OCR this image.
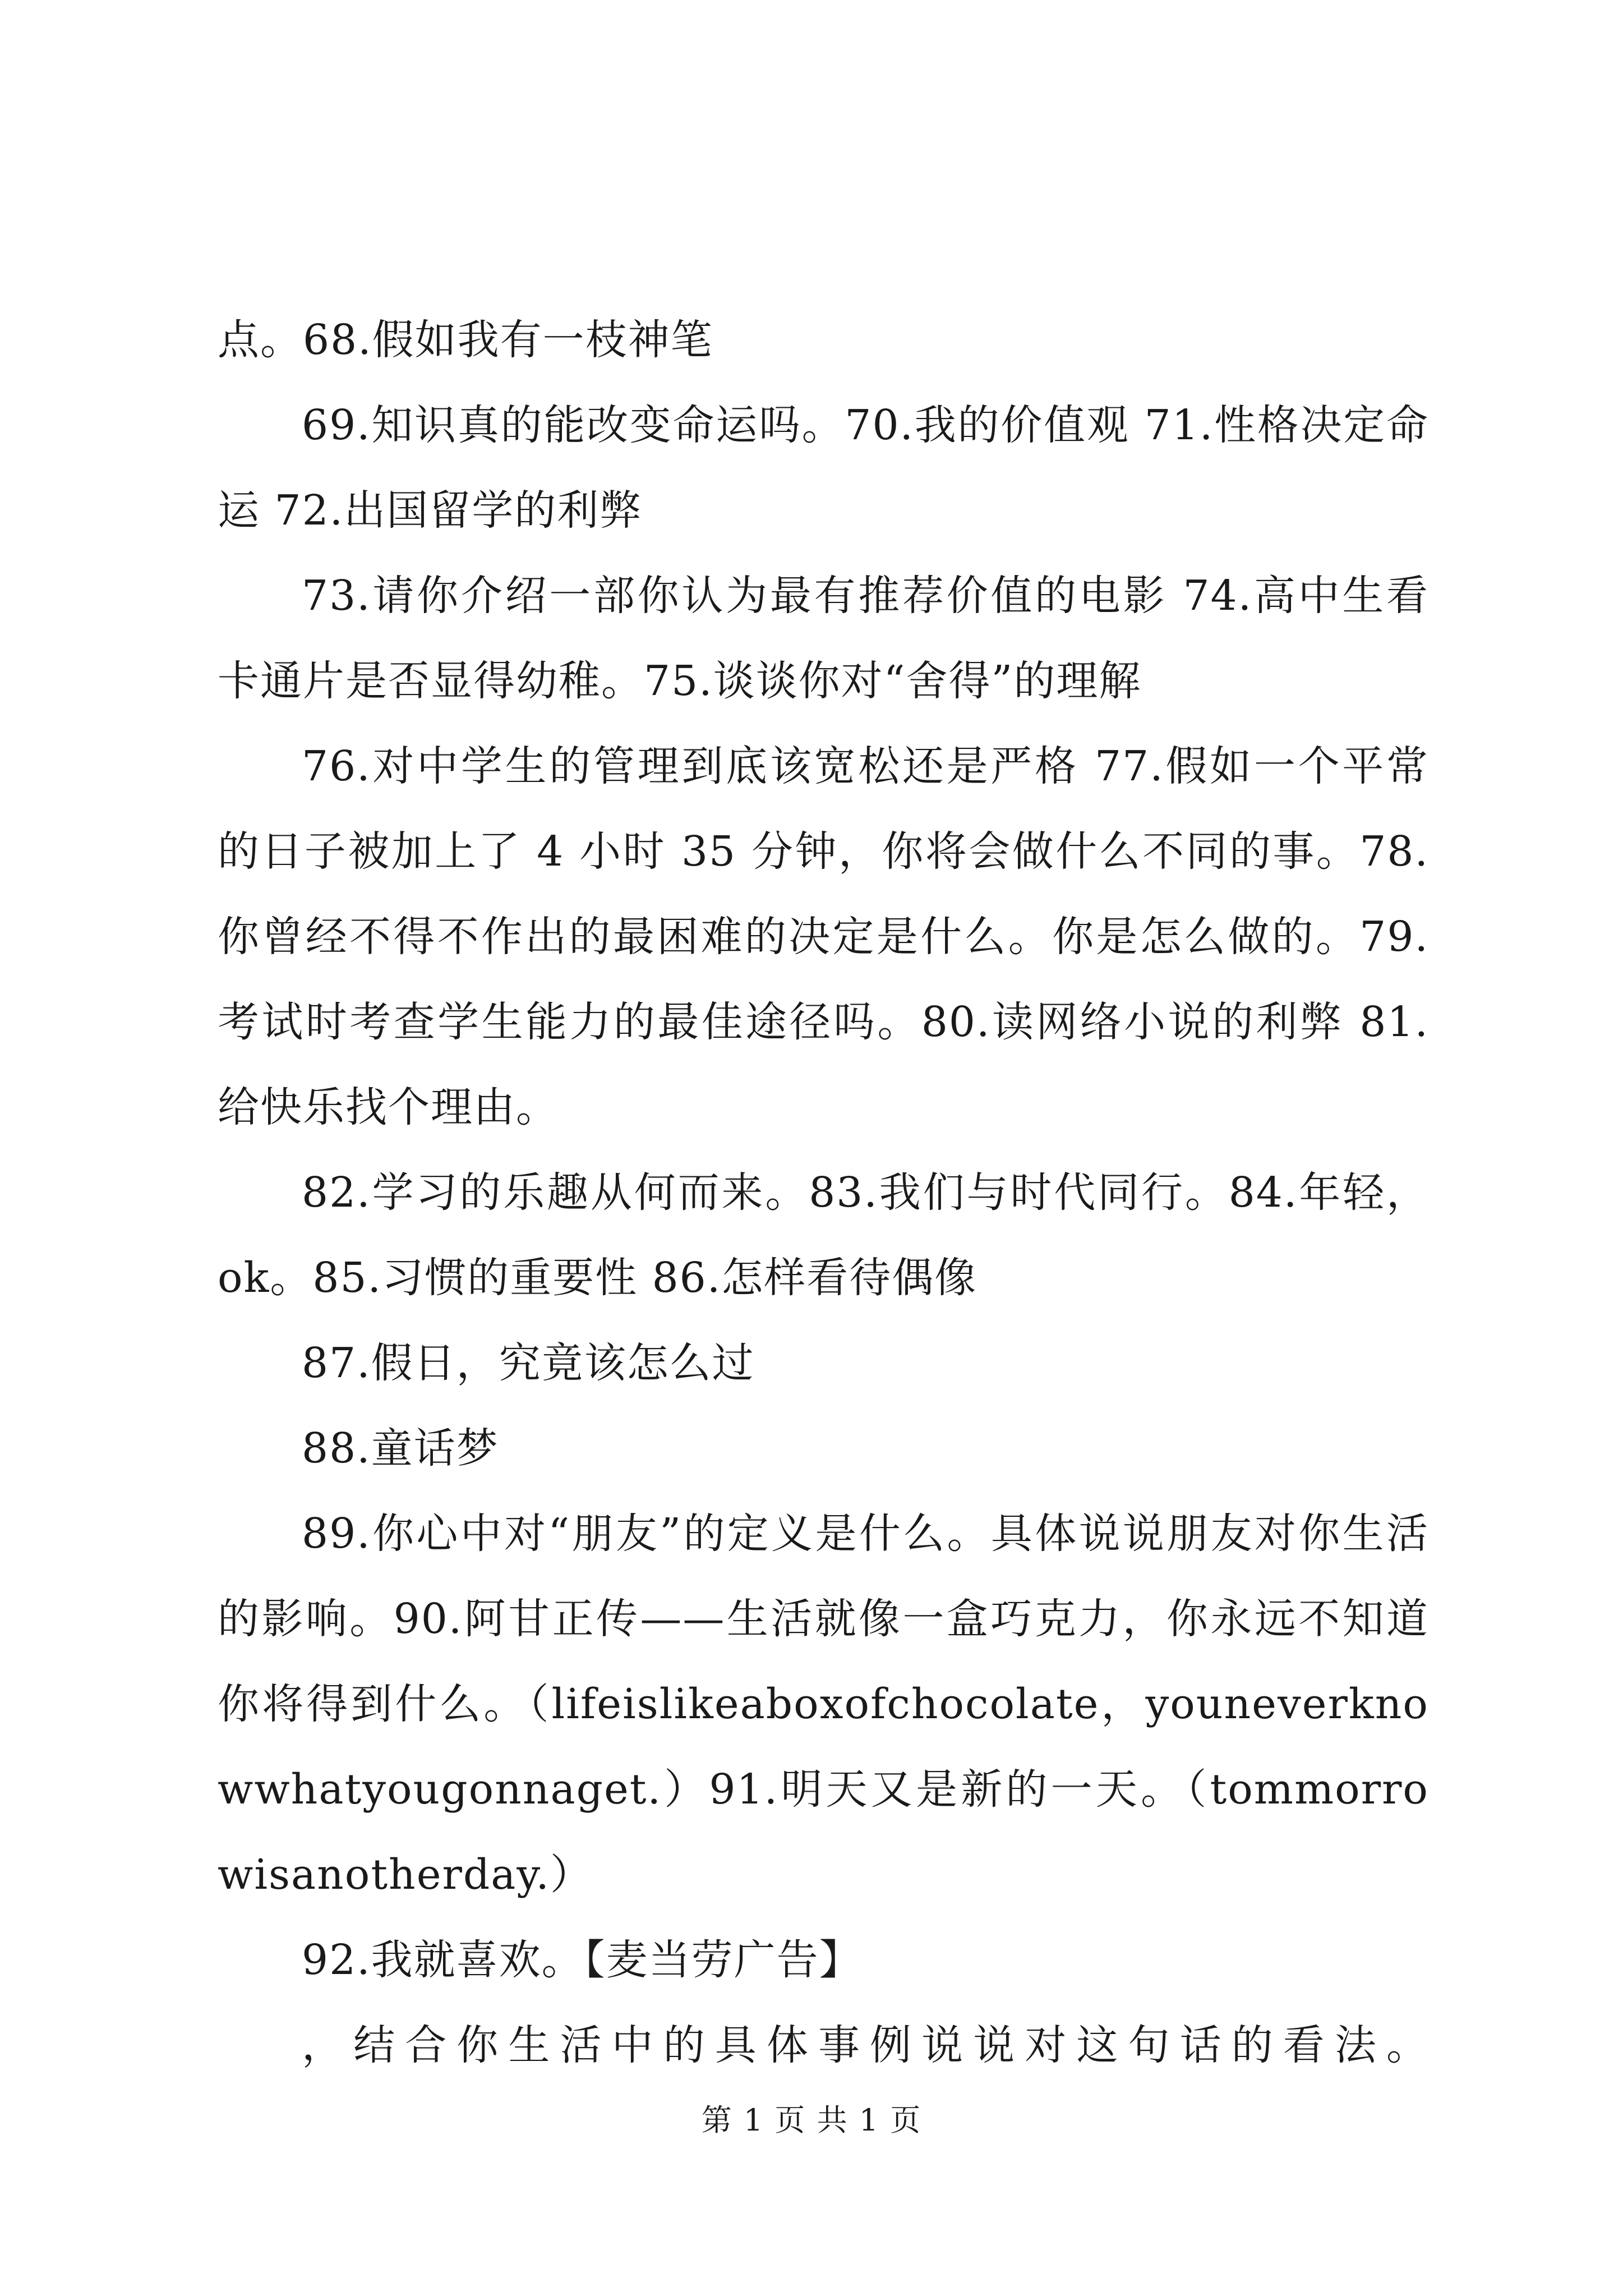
点。68.假如我有一枝神笔

69.知识真的能改变命运吗。70.我的价值观 71.性格决定命运 72.出国留学的利弊

73.请你介绍一部你认为最有推荐价值的电影 74.高中生看卡通片是否显得幼稚。75.谈谈你对“舍得”的理解

76.对中学生的管理到底该宽松还是严格 77.假如一个平常的日子被加上了 4 小时 35 分钟，你将会做什么不同的事。78.你曾经不得不作出的最困难的决定是什么。你是怎么做的。79.考试时考查学生能力的最佳途径吗。80.读网络小说的利弊 81.给快乐找个理由。

82.学习的乐趣从何而来。83.我们与时代同行。84.年轻，ok。85.习惯的重要性 86.怎样看待偶像

87.假日，究竟该怎么过

88.童话梦

89.你心中对“朋友”的定义是什么。具体说说朋友对你生活的影响。90.阿甘正传——生活就像一盒巧克力，你永远不知道你将得到什么。（lifeislikeaboxofchocolate，youneverknowwhatyougonnaget.）91.明天又是新的一天。（tommorrowisanotherday.）

92.我就喜欢。【麦当劳广告】

，结合你生活中的具体事例说说对这句话的看法。

第 1 页 共 1 页
